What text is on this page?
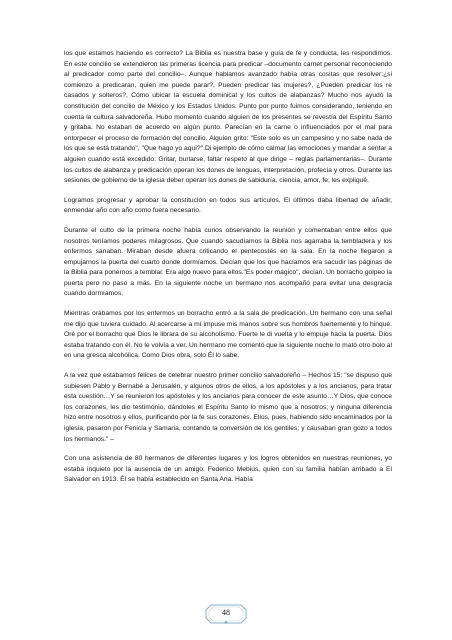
los que estamos haciendo es correcto? La Biblia es nuestra base y guía de fe y conducta, les respondimos. En este concilio se extendieron las primeras licencia para predicar –documento carnet personal reconociendo al predicador como parte del concilio–. Aunque hablamos avanzado había otras cositas que resolver:¿si comienzo a predicaran, quien me puede parar?, Pueden predicar las mujeres?, ¿Pueden predicar los re casados y solteros?, Cómo ubicar la escuela dominical y los cultos de alabanzas? Mucho nos ayudó la constitución del concilio de México y los Estados Unidos. Punto por punto fuimos considerando, teniendo en cuenta la cultura salvadoreña. Hubo momento cuando alguien de los presentes se revestía del Espíritu Santo y gritaba. No estaban de acuerdo en algún punto. Parecían en la carne o influenciados por el mal para entorpecer el proceso de formación del concilio. Alguien grito: "Este solo es un campesino y no sabe nada de los que se está tratando", "Que hago yo aquí?".Di ejemplo de cómo calmar las emociones y mandar a sentar a alguien cuando está excedido: Gritar, burlarse, faltar respeto al que dirige – reglas parlamentarias–. Durante los cultos de alabanza y predicación operan los dones de lenguas, interpretación, profecía y otros. Durante las sesiones de gobierno de la iglesia deber operan los dones de sabiduría, ciencia, amor, fe; les expliqué.

Logramos progresar y aprobar la constitución en todos sus artículos. El últimos daba libertad de añadir, enmendar año con año como fuera necesario.

Durante el culto de la primera noche había curios observando la reunión y comentaban entre ellos que nosotros teníamos poderes milagrosos. Que cuando sacudíamos la Biblia nos agarraba la tembladera y los enfermos sanaban. Miraban desde afuera criticando el pentecostés en la sala. En la noche llegaron a empujarnos la puerta del cuarto donde dormíamos. Decían que los que hacíamos era sacudir las páginas de la Biblia para ponernos a temblar. Era algo nuevo para ellos."Es poder mágico", decían. Un borracho golpeo la puerta pero no paso a más. En la siguiente noche un hermano nos acompañó para evitar una desgracia cuando dormíamos.

Mientras orábamos por los enfermos un borracho entró a la sala de predicación. Un hermano con una señal me dijo que tuviera cuidado. Al acercarse a mí impuse mis manos sobre sus hombros fuertemente y lo hinqué. Oré por el borracho que Dios le librara de su alcoholismo. Fuerte le di vuelta y lo empuje hacia la puerta. Dios estaba tratando con él. No le volvía a ver. Un hermano me comentó que la siguiente noche lo mató otro bolo al en una gresca alcohólica. Como Dios obra, solo Él lo sabe.

A la vez que estábamos felices de celebrar nuestro primer concilio salvadoreño – Hechos 15: "se dispuso que subiesen Pablo y Bernabé a Jerusalén, y algunos otros de ellos, a los apóstoles y a los ancianos, para tratar esta cuestión…Y se reunieron los apóstoles y los ancianos para conocer de este asunto…Y Dios, que conoce los corazones, les dio testimonio, dándoles el Espíritu Santo lo mismo que a nosotros; y ninguna diferencia hizo entre nosotros y ellos, purificando por la fe sus corazones. Ellos, pues, habiendo sido encaminados por la iglesia, pasaron por Fenicia y Samaria, contando la conversión de los gentiles; y causaban gran gozo a todos los hermanos." –

Con una asistencia de 80 hermanos de diferentes lugares y los logros obtenidos en nuestras reuniones, yo estaba inquieto por la ausencia de un amigo: Federico Mebius, quien con su familia habían arribado a El Salvador en 1913. Él se había establecido en Santa Ana. Había

48
